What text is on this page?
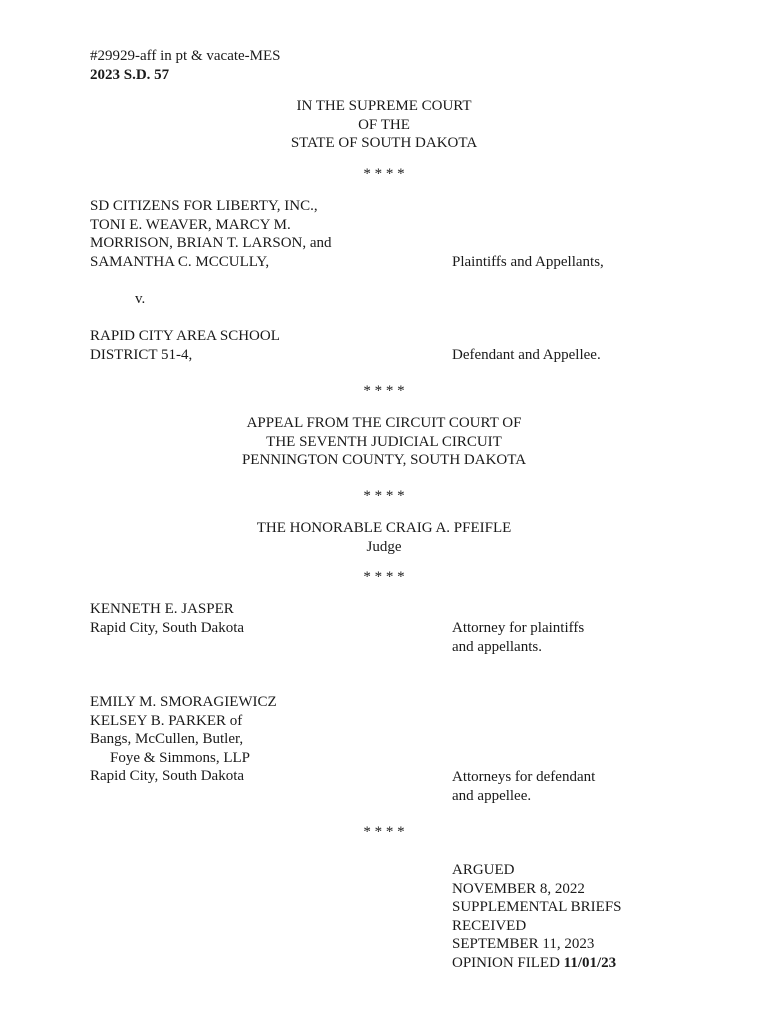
#29929-aff in pt & vacate-MES
2023 S.D. 57
IN THE SUPREME COURT
OF THE
STATE OF SOUTH DAKOTA
* * * *
SD CITIZENS FOR LIBERTY, INC.,
TONI E. WEAVER, MARCY M.
MORRISON, BRIAN T. LARSON, and
SAMANTHA C. MCCULLY,	Plaintiffs and Appellants,
v.
RAPID CITY AREA SCHOOL
DISTRICT 51-4,	Defendant and Appellee.
* * * *
APPEAL FROM THE CIRCUIT COURT OF
THE SEVENTH JUDICIAL CIRCUIT
PENNINGTON COUNTY, SOUTH DAKOTA
* * * *
THE HONORABLE CRAIG A. PFEIFLE
Judge
* * * *
KENNETH E. JASPER
Rapid City, South Dakota	Attorney for plaintiffs
and appellants.
EMILY M. SMORAGIEWICZ
KELSEY B. PARKER of
Bangs, McCullen, Butler,
Foye & Simmons, LLP
Rapid City, South Dakota	Attorneys for defendant
and appellee.
* * * *
ARGUED
NOVEMBER 8, 2022
SUPPLEMENTAL BRIEFS
RECEIVED
SEPTEMBER 11, 2023
OPINION FILED 11/01/23
